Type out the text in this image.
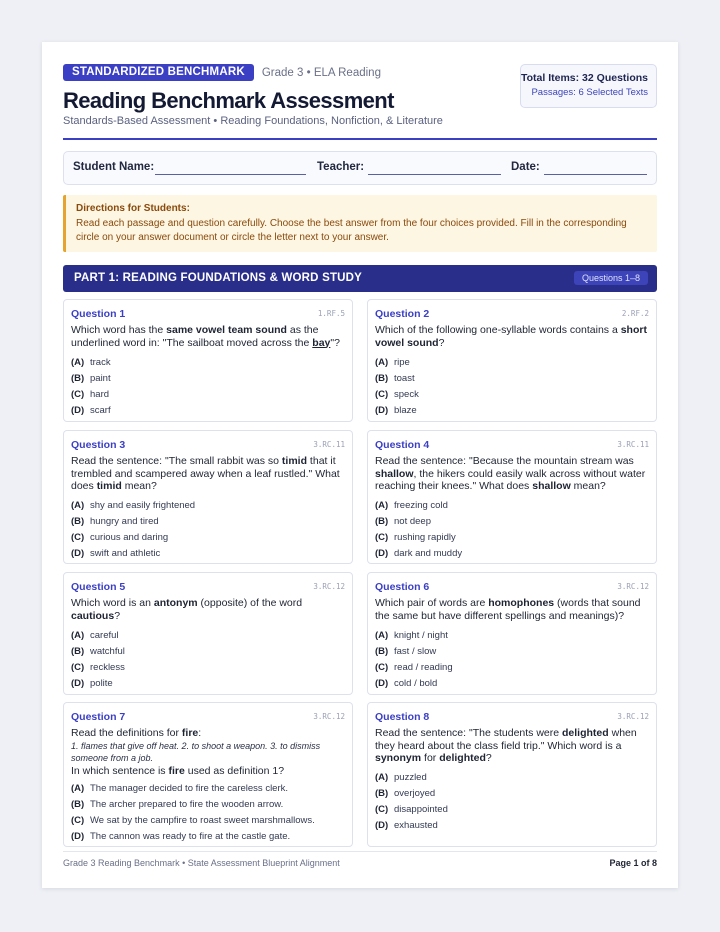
STANDARDIZED BENCHMARK	Grade 3 • ELA Reading
Reading Benchmark Assessment
Standards-Based Assessment • Reading Foundations, Nonfiction, & Literature
Total Items: 32 Questions
Passages: 6 Selected Texts
Student Name:	Teacher:	Date:
Directions for Students:
Read each passage and question carefully. Choose the best answer from the four choices provided. Fill in the corresponding circle on your answer document or circle the letter next to your answer.
PART 1: READING FOUNDATIONS & WORD STUDY	Questions 1–8
Question 1	1.RF.5
Which word has the same vowel team sound as the underlined word in: "The sailboat moved across the bay"?
(A) track
(B) paint
(C) hard
(D) scarf
Question 2	2.RF.2
Which of the following one-syllable words contains a short vowel sound?
(A) ripe
(B) toast
(C) speck
(D) blaze
Question 3	3.RC.11
Read the sentence: "The small rabbit was so timid that it trembled and scampered away when a leaf rustled." What does timid mean?
(A) shy and easily frightened
(B) hungry and tired
(C) curious and daring
(D) swift and athletic
Question 4	3.RC.11
Read the sentence: "Because the mountain stream was shallow, the hikers could easily walk across without water reaching their knees." What does shallow mean?
(A) freezing cold
(B) not deep
(C) rushing rapidly
(D) dark and muddy
Question 5	3.RC.12
Which word is an antonym (opposite) of the word cautious?
(A) careful
(B) watchful
(C) reckless
(D) polite
Question 6	3.RC.12
Which pair of words are homophones (words that sound the same but have different spellings and meanings)?
(A) knight / night
(B) fast / slow
(C) read / reading
(D) cold / bold
Question 7	3.RC.12
Read the definitions for fire:
1. flames that give off heat. 2. to shoot a weapon. 3. to dismiss someone from a job.
In which sentence is fire used as definition 1?
(A) The manager decided to fire the careless clerk.
(B) The archer prepared to fire the wooden arrow.
(C) We sat by the campfire to roast sweet marshmallows.
(D) The cannon was ready to fire at the castle gate.
Question 8	3.RC.12
Read the sentence: "The students were delighted when they heard about the class field trip." Which word is a synonym for delighted?
(A) puzzled
(B) overjoyed
(C) disappointed
(D) exhausted
Grade 3 Reading Benchmark • State Assessment Blueprint Alignment	Page 1 of 8
